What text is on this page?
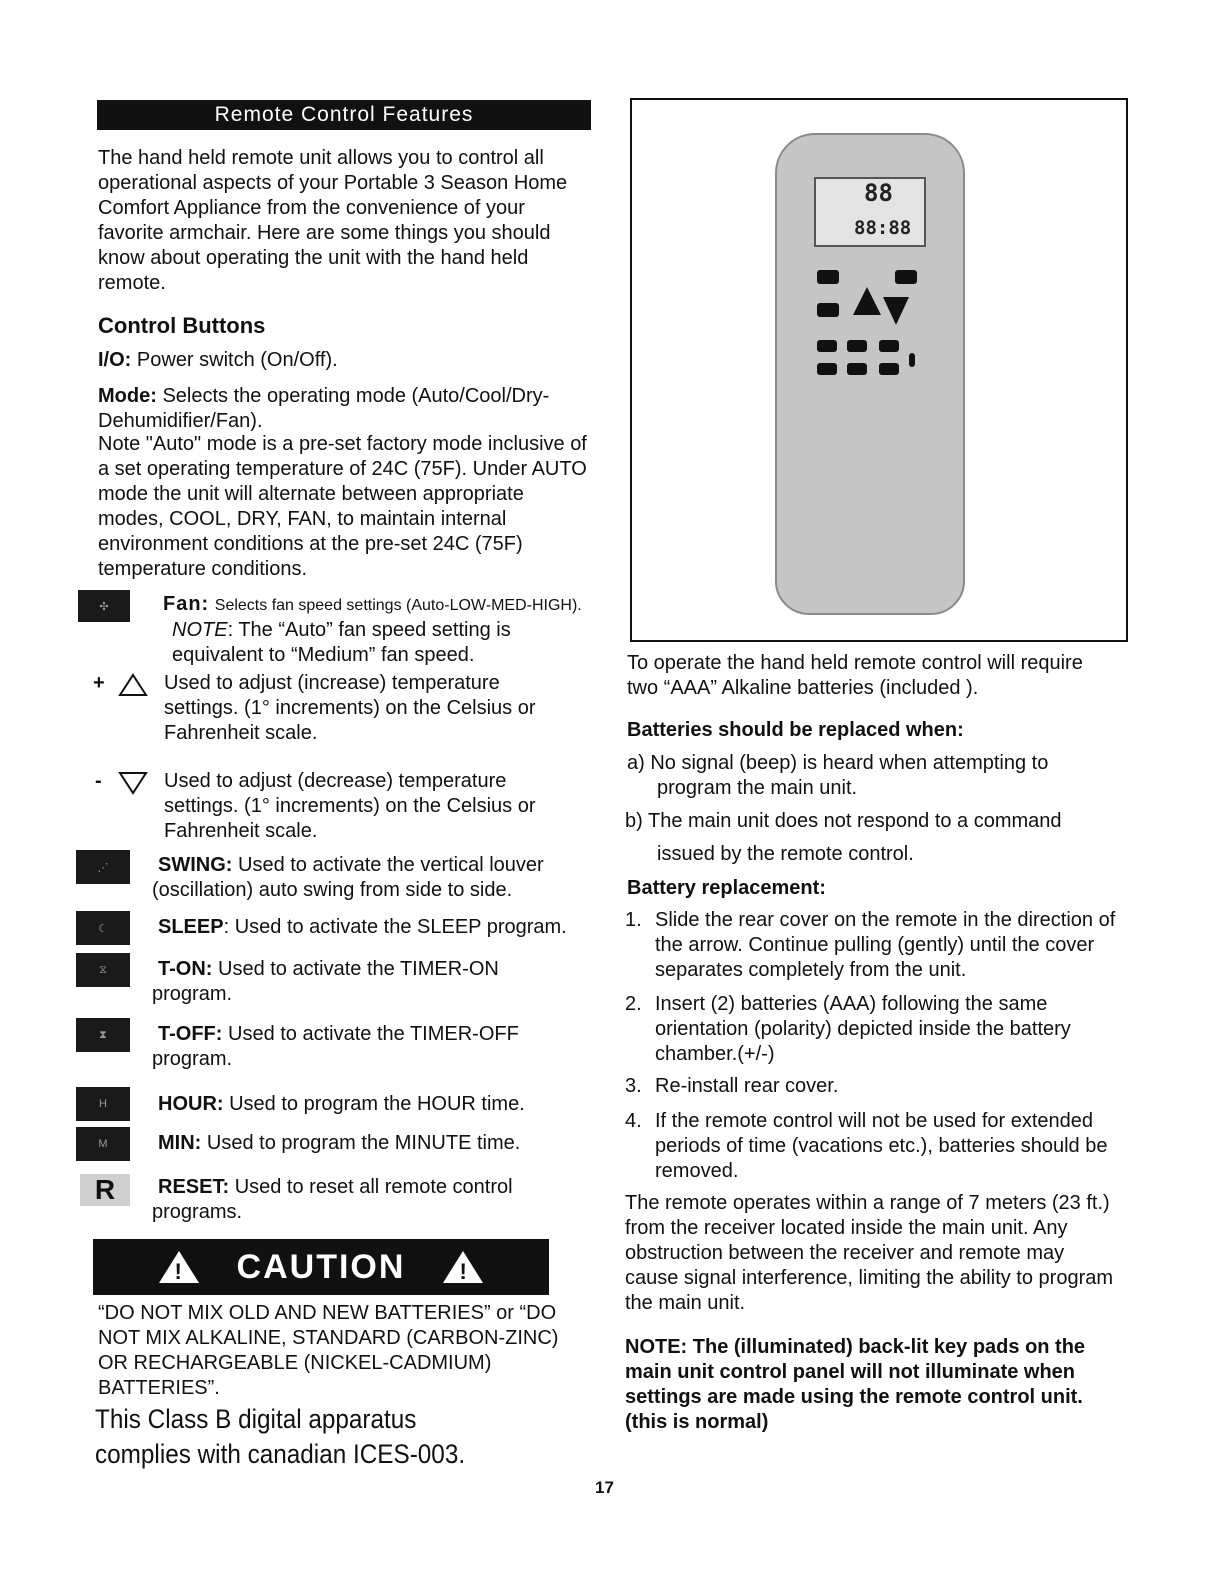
Remote Control Features
The hand held remote unit allows you to control all operational aspects of your Portable 3 Season Home Comfort Appliance from the convenience of your favorite armchair. Here are some things you should know about operating the unit with the hand held remote.
Control Buttons
I/O: Power switch (On/Off).
Mode: Selects the operating mode (Auto/Cool/Dry-Dehumidifier/Fan).
Note "Auto" mode is a pre-set factory mode inclusive of a set operating temperature of 24C (75F). Under AUTO mode the unit will alternate between appropriate modes, COOL, DRY, FAN, to maintain internal environment conditions at the pre-set 24C (75F) temperature conditions.
✣	Fan: Selects fan speed settings (Auto-LOW-MED-HIGH).
NOTE: The “Auto” fan speed setting is equivalent to “Medium” fan speed.
+	Used to adjust (increase) temperature settings. (1° increments) on the Celsius or Fahrenheit scale.
-	Used to adjust (decrease) temperature settings. (1° increments) on the Celsius or Fahrenheit scale.
⋰	SWING: Used to activate the vertical louver (oscillation) auto swing from side to side.
☾	SLEEP: Used to activate the SLEEP program.
⧖	T-ON: Used to activate the TIMER-ON program.
⧗	T-OFF: Used to activate the TIMER-OFF program.
H	HOUR: Used to program the HOUR time.
M	MIN: Used to program the MINUTE time.
R	RESET: Used to reset all remote control programs.
! CAUTION !
“DO NOT MIX OLD AND NEW BATTERIES” or “DO NOT MIX ALKALINE, STANDARD (CARBON-ZINC) OR RECHARGEABLE (NICKEL-CADMIUM) BATTERIES”.
This Class B digital apparatus complies with canadian ICES-003.
88
88:88
To operate the hand held remote control will require two “AAA” Alkaline batteries (included ).
Batteries should be replaced when:
a) No signal (beep) is heard when attempting to program the main unit.
b) The main unit does not respond to a command
issued by the remote control.
Battery replacement:
1. Slide the rear cover on the remote in the direction of the arrow. Continue pulling (gently) until the cover separates completely from the unit.
2. Insert (2) batteries (AAA) following the same orientation (polarity) depicted inside the battery chamber.(+/-)
3. Re-install rear cover.
4. If the remote control will not be used for extended periods of time (vacations etc.), batteries should be removed.
The remote operates within a range of 7 meters (23 ft.) from the receiver located inside the main unit. Any obstruction between the receiver and remote may cause signal interference, limiting the ability to program the main unit.
NOTE: The (illuminated) back-lit key pads on the main unit control panel will not illuminate when settings are made using the remote control unit. (this is normal)
17
